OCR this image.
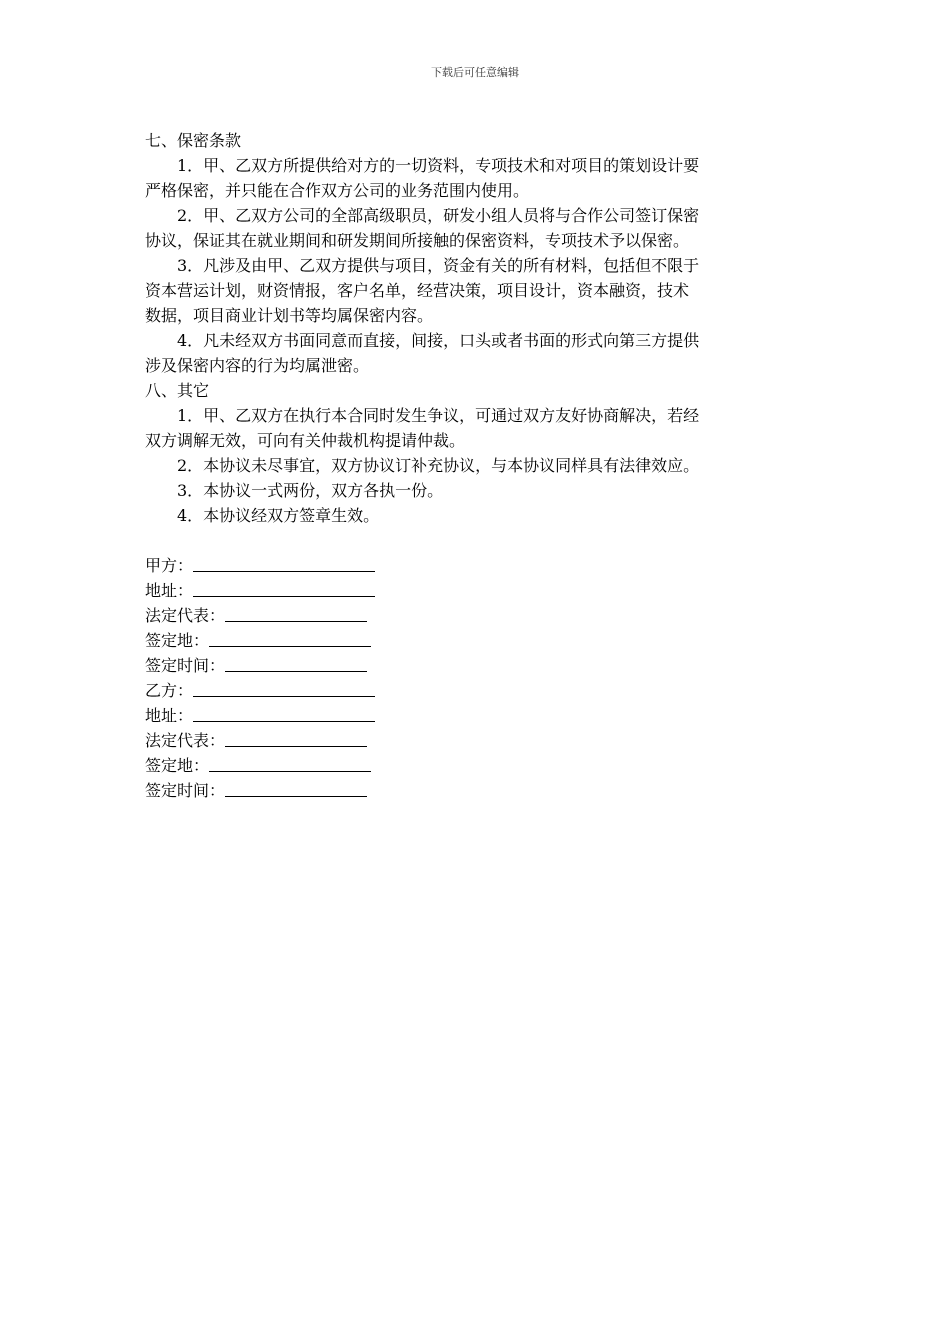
下载后可任意编辑

七、保密条款

1．甲、乙双方所提供给对方的一切资料，专项技术和对项目的策划设计要

严格保密，并只能在合作双方公司的业务范围内使用。

2．甲、乙双方公司的全部高级职员，研发小组人员将与合作公司签订保密

协议，保证其在就业期间和研发期间所接触的保密资料，专项技术予以保密。

3．凡涉及由甲、乙双方提供与项目，资金有关的所有材料，包括但不限于

资本营运计划，财资情报，客户名单，经营决策，项目设计，资本融资，技术

数据，项目商业计划书等均属保密内容。

4．凡未经双方书面同意而直接，间接，口头或者书面的形式向第三方提供

涉及保密内容的行为均属泄密。

八、其它

1．甲、乙双方在执行本合同时发生争议，可通过双方友好协商解决，若经

双方调解无效，可向有关仲裁机构提请仲裁。

2．本协议未尽事宜，双方协议订补充协议，与本协议同样具有法律效应。

3．本协议一式两份，双方各执一份。

4．本协议经双方签章生效。

甲方：
地址：
法定代表：
签定地：
签定时间：
乙方：
地址：
法定代表：
签定地：
签定时间：
